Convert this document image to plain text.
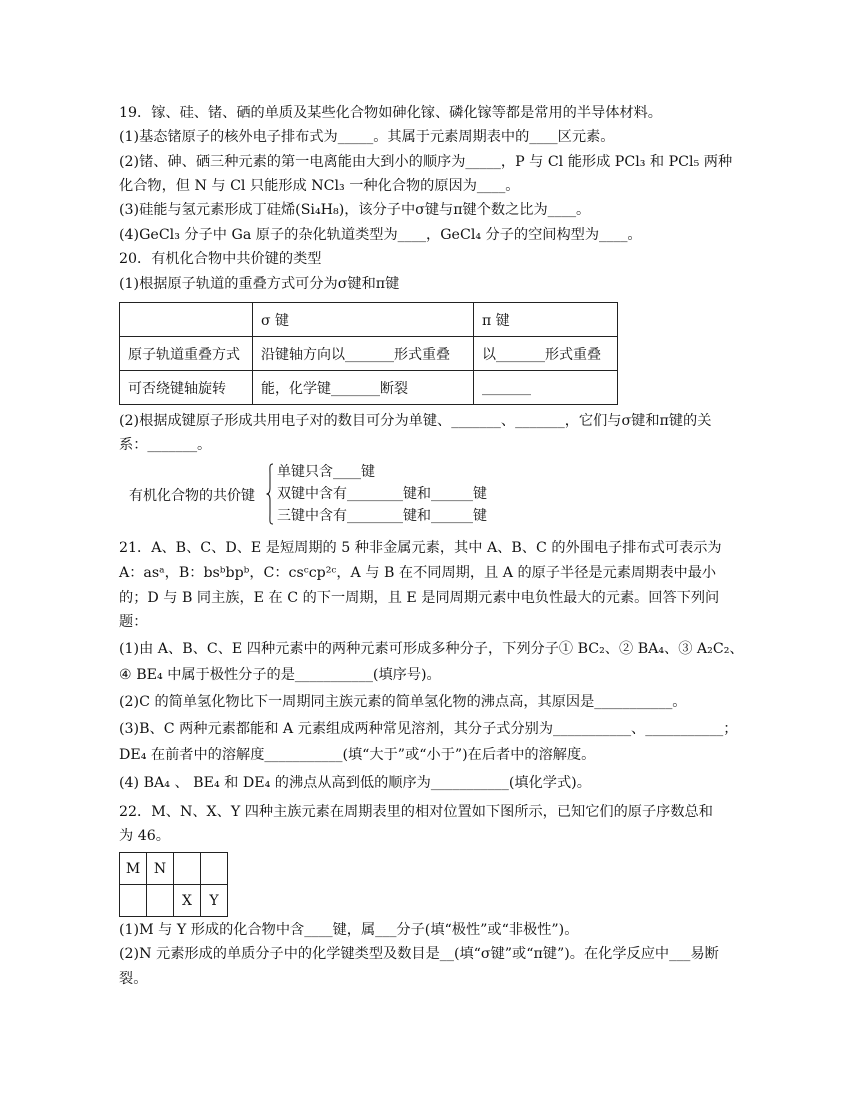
19．镓、硅、锗、硒的单质及某些化合物如砷化镓、磷化镓等都是常用的半导体材料。
(1)基态锗原子的核外电子排布式为_____。其属于元素周期表中的____区元素。
(2)锗、砷、硒三种元素的第一电离能由大到小的顺序为_____，P 与 Cl 能形成 PCl₃ 和 PCl₅ 两种
化合物，但 N 与 Cl 只能形成 NCl₃ 一种化合物的原因为____。
(3)硅能与氢元素形成丁硅烯(Si₄H₈)，该分子中σ键与π键个数之比为____。
(4)GeCl₃ 分子中 Ga 原子的杂化轨道类型为____，GeCl₄ 分子的空间构型为____。
20．有机化合物中共价键的类型
(1)根据原子轨道的重叠方式可分为σ键和π键
	σ 键	π 键
原子轨道重叠方式	沿键轴方向以_______形式重叠	以_______形式重叠
可否绕键轴旋转	能，化学键_______断裂	_______
(2)根据成键原子形成共用电子对的数目可分为单键、_______、_______，它们与σ键和π键的关
系：_______。
有机化合物的共价键
单键只含____键
双键中含有________键和______键
三键中含有________键和______键
21．A、B、C、D、E 是短周期的 5 种非金属元素，其中 A、B、C 的外围电子排布式可表示为
A：asᵃ，B：bsᵇbpᵇ，C：csᶜcp²ᶜ，A 与 B 在不同周期，且 A 的原子半径是元素周期表中最小
的；D 与 B 同主族，E 在 C 的下一周期，且 E 是同周期元素中电负性最大的元素。回答下列问
题：
(1)由 A、B、C、E 四种元素中的两种元素可形成多种分子，下列分子① BC₂、② BA₄、③ A₂C₂、
④ BE₄ 中属于极性分子的是___________(填序号)。
(2)C 的简单氢化物比下一周期同主族元素的简单氢化物的沸点高，其原因是___________。
(3)B、C 两种元素都能和 A 元素组成两种常见溶剂，其分子式分别为___________、___________；
DE₄ 在前者中的溶解度___________(填“大于”或“小于”)在后者中的溶解度。
(4) BA₄ 、 BE₄ 和 DE₄ 的沸点从高到低的顺序为___________(填化学式)。
22．M、N、X、Y 四种主族元素在周期表里的相对位置如下图所示，已知它们的原子序数总和
为 46。
M	N		
		X	Y
(1)M 与 Y 形成的化合物中含____键，属___分子(填“极性”或“非极性”)。
(2)N 元素形成的单质分子中的化学键类型及数目是__(填“σ键”或“π键”)。在化学反应中___易断
裂。
